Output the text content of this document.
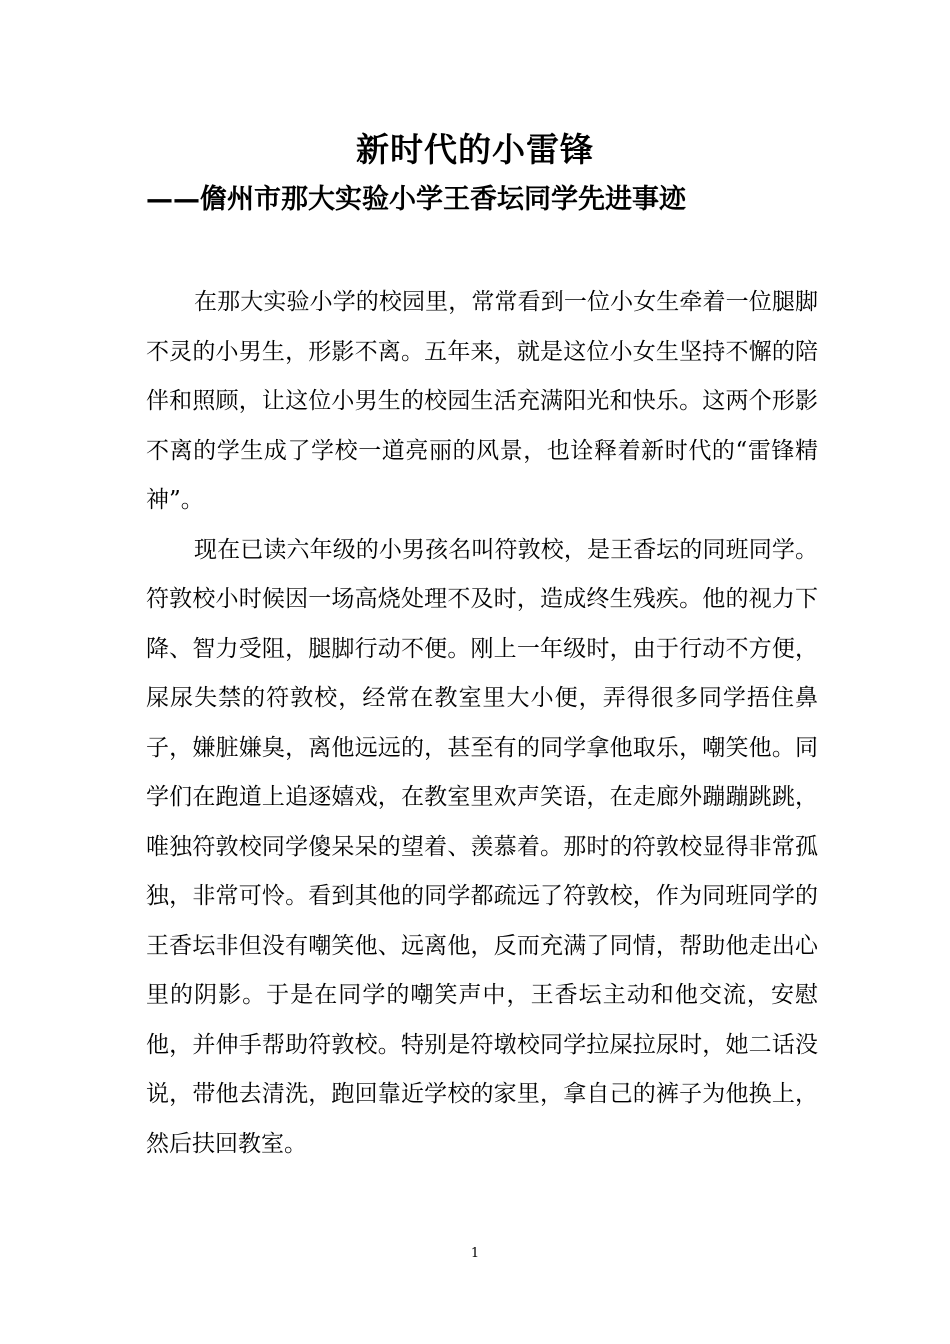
新时代的小雷锋
——儋州市那大实验小学王香坛同学先进事迹

在那大实验小学的校园里，常常看到一位小女生牵着一位腿脚不灵的小男生，形影不离。五年来，就是这位小女生坚持不懈的陪伴和照顾，让这位小男生的校园生活充满阳光和快乐。这两个形影不离的学生成了学校一道亮丽的风景，也诠释着新时代的“雷锋精神”。

现在已读六年级的小男孩名叫符敦校，是王香坛的同班同学。符敦校小时候因一场高烧处理不及时，造成终生残疾。他的视力下降、智力受阻，腿脚行动不便。刚上一年级时，由于行动不方便，屎尿失禁的符敦校，经常在教室里大小便，弄得很多同学捂住鼻子，嫌脏嫌臭，离他远远的，甚至有的同学拿他取乐，嘲笑他。同学们在跑道上追逐嬉戏，在教室里欢声笑语，在走廊外蹦蹦跳跳，唯独符敦校同学傻呆呆的望着、羡慕着。那时的符敦校显得非常孤独，非常可怜。看到其他的同学都疏远了符敦校，作为同班同学的王香坛非但没有嘲笑他、远离他，反而充满了同情，帮助他走出心里的阴影。于是在同学的嘲笑声中，王香坛主动和他交流，安慰他，并伸手帮助符敦校。特别是符墩校同学拉屎拉尿时，她二话没说，带他去清洗，跑回靠近学校的家里，拿自己的裤子为他换上，然后扶回教室。

1
